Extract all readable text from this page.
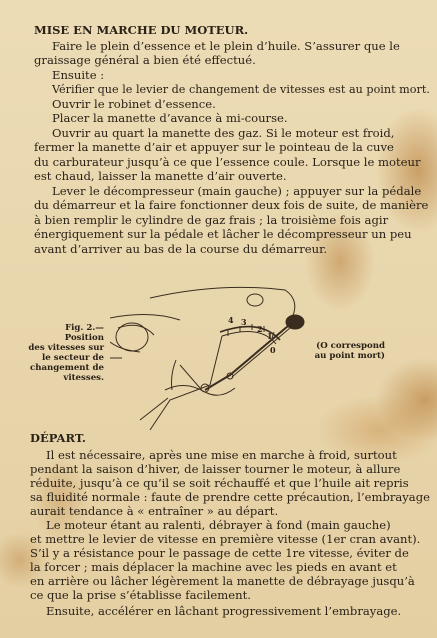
MISE EN MARCHE DU MOTEUR.
Faire le plein d’essence et le plein d’huile. S’assurer que le
graissage général a bien été effectué.
Ensuite :
Vérifier que le levier de changement de vitesses est au point mort.
Ouvrir le robinet d’essence.
Placer la manette d’avance à mi-course.
Ouvrir au quart la manette des gaz. Si le moteur est froid,
fermer la manette d’air et appuyer sur le pointeau de la cuve
du carburateur jusqu’à ce que l’essence coule. Lorsque le moteur
est chaud, laisser la manette d’air ouverte.
Lever le décompresseur (main gauche) ; appuyer sur la pédale
du démarreur et la faire fonctionner deux fois de suite, de manière
à bien remplir le cylindre de gaz frais ; la troisième fois agir
énergiquement sur la pédale et lâcher le décompresseur un peu
avant d’arriver au bas de la course du démarreur.
Fig. 2.—Position
des vitesses sur
le secteur de
changement de
vitesses.
4 3
2
1
0	(O correspond
au point mort)
DÉPART.
Il est nécessaire, après une mise en marche à froid, surtout
pendant la saison d’hiver, de laisser tourner le moteur, à allure
réduite, jusqu’à ce qu’il se soit réchauffé et que l’huile ait repris
sa fluidité normale : faute de prendre cette précaution, l’embrayage
aurait tendance à « entraîner » au départ.
Le moteur étant au ralenti, débrayer à fond (main gauche)
et mettre le levier de vitesse en première vitesse (1er cran avant).
S’il y a résistance pour le passage de cette 1re vitesse, éviter de
la forcer ; mais déplacer la machine avec les pieds en avant et
en arrière ou lâcher légèrement la manette de débrayage jusqu’à
ce que la prise s’établisse facilement.
Ensuite, accélérer en lâchant progressivement l’embrayage.
